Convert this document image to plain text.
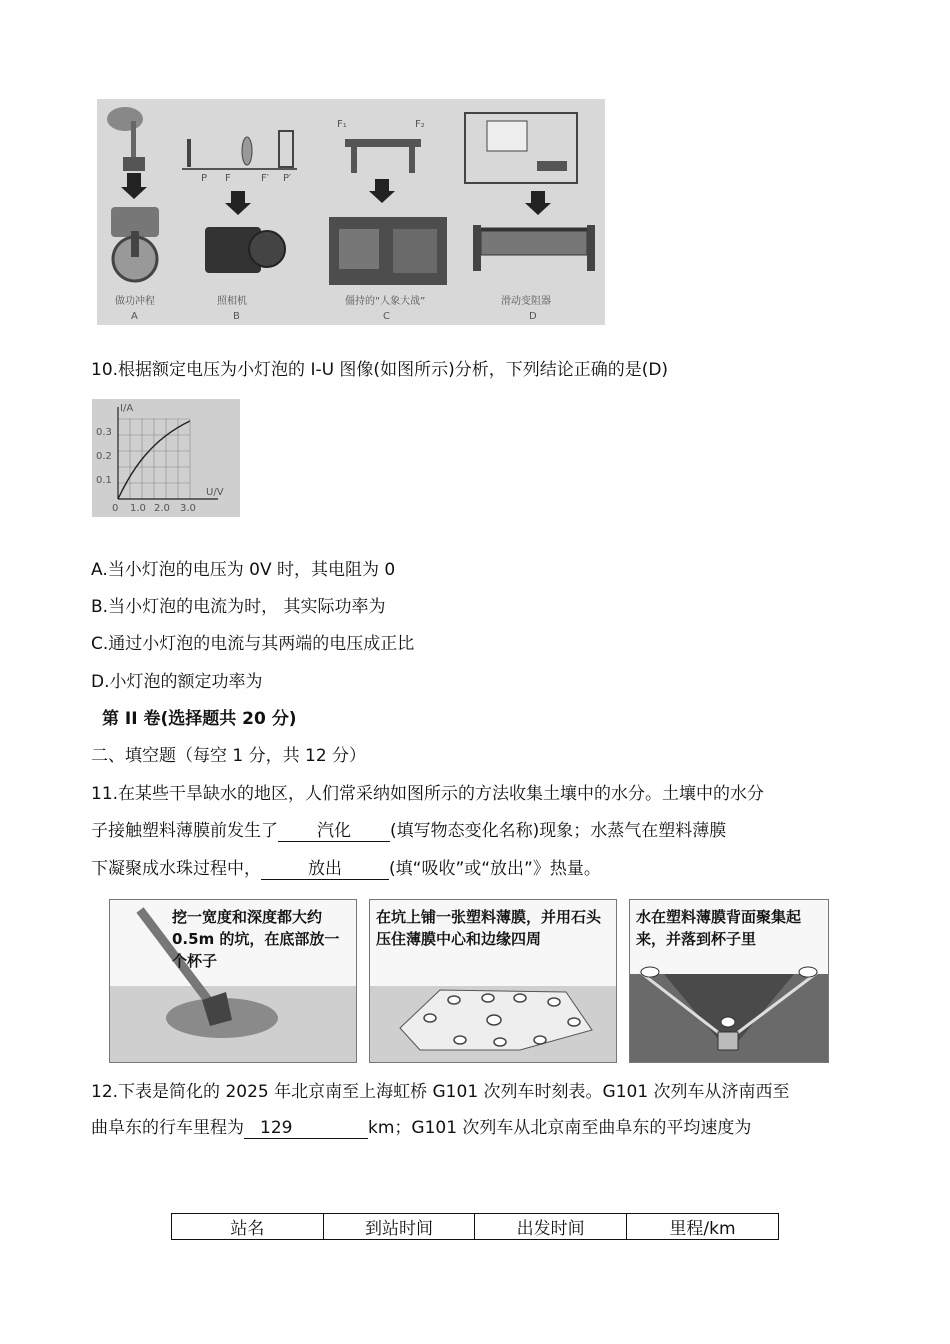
做功冲程
A
P F	F′ P′
照相机
B
F₁	F₂
僵持的“人象大战”
C
滑动变阻器
D
10.根据额定电压为小灯泡的 I-U 图像(如图所示)分析，下列结论正确的是(D)
I/A
U/V
0
0.3
0.2
0.1
1.0 2.0 3.0
A.当小灯泡的电压为 0V 时，其电阻为 0
B.当小灯泡的电流为时， 其实际功率为
C.通过小灯泡的电流与其两端的电压成正比
D.小灯泡的额定功率为
第 II 卷(选择题共 20 分)
二、填空题（每空 1 分，共 12 分）
11.在某些干旱缺水的地区，人们常采纳如图所示的方法收集土壤中的水分。土壤中的水分
子接触塑料薄膜前发生了 汽化 (填写物态变化名称)现象；水蒸气在塑料薄膜
下凝聚成水珠过程中，	放出	(填“吸收”或“放出”》热量。
挖一宽度和深度都大约 0.5m 的坑，在底部放一个杯子
在坑上铺一张塑料薄膜，并用石头压住薄膜中心和边缘四周
水在塑料薄膜背面聚集起来，并落到杯子里
12.下表是简化的 2025 年北京南至上海虹桥 G101 次列车时刻表。G101 次列车从济南西至
曲阜东的行车里程为 129	km；G101 次列车从北京南至曲阜东的平均速度为
站名	到站时间	出发时间	里程/km
